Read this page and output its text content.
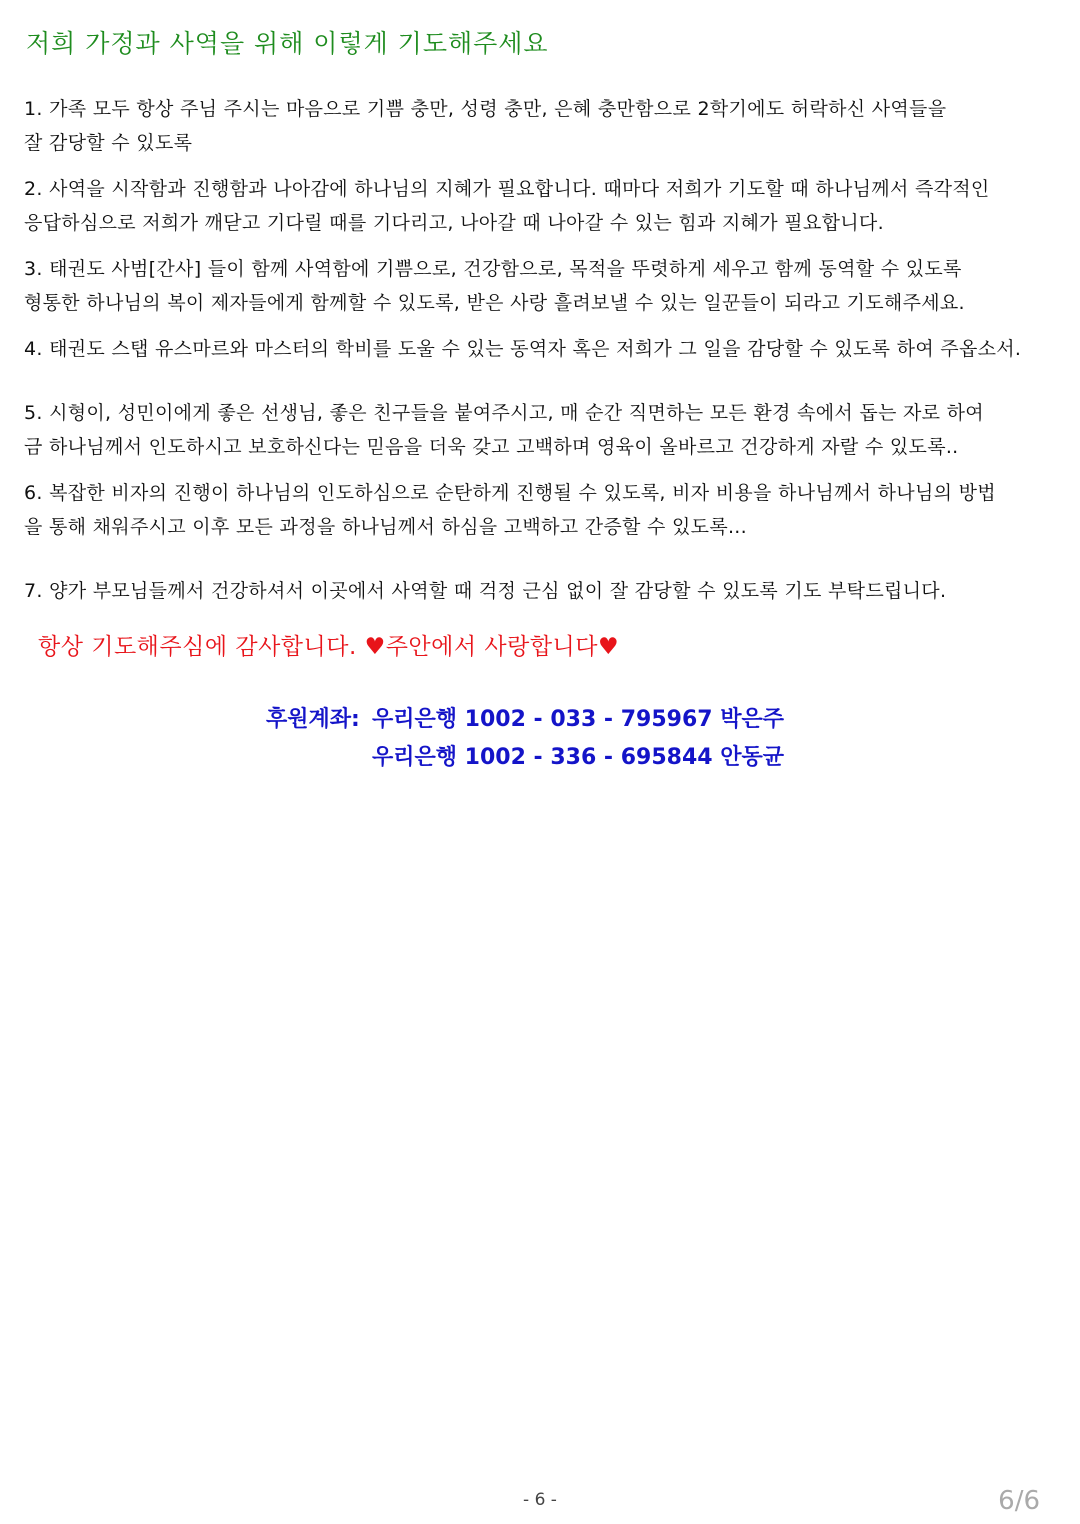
저희 가정과 사역을 위해 이렇게 기도해주세요
1. 가족 모두 항상 주님 주시는 마음으로 기쁨 충만, 성령 충만, 은혜 충만함으로 2학기에도 허락하신 사역들을
잘 감당할 수 있도록
2. 사역을 시작함과 진행함과 나아감에 하나님의 지혜가 필요합니다. 때마다 저희가 기도할 때 하나님께서 즉각적인
응답하심으로 저희가 깨닫고 기다릴 때를 기다리고, 나아갈 때 나아갈 수 있는 힘과 지혜가 필요합니다.
3. 태권도 사범[간사] 들이 함께 사역함에 기쁨으로, 건강함으로, 목적을 뚜렷하게 세우고 함께 동역할 수 있도록
형통한 하나님의 복이 제자들에게 함께할 수 있도록, 받은 사랑 흘려보낼 수 있는 일꾼들이 되라고 기도해주세요.
4. 태권도 스탭 유스마르와 마스터의 학비를 도울 수 있는 동역자 혹은 저희가 그 일을 감당할 수 있도록 하여 주옵소서.
5. 시형이, 성민이에게 좋은 선생님, 좋은 친구들을 붙여주시고, 매 순간 직면하는 모든 환경 속에서 돕는 자로 하여
금 하나님께서 인도하시고 보호하신다는 믿음을 더욱 갖고 고백하며 영육이 올바르고 건강하게 자랄 수 있도록..
6. 복잡한 비자의 진행이 하나님의 인도하심으로 순탄하게 진행될 수 있도록, 비자 비용을 하나님께서 하나님의 방법
을 통해 채워주시고 이후 모든 과정을 하나님께서 하심을 고백하고 간증할 수 있도록...
7. 양가 부모님들께서 건강하셔서 이곳에서 사역할 때 걱정 근심 없이 잘 감당할 수 있도록 기도 부탁드립니다.
항상 기도해주심에 감사합니다. ♥주안에서 사랑합니다♥
후원계좌: 우리은행 1002 - 033 - 795967 박은주
우리은행 1002 - 336 - 695844 안동균
- 6 -	6/6
